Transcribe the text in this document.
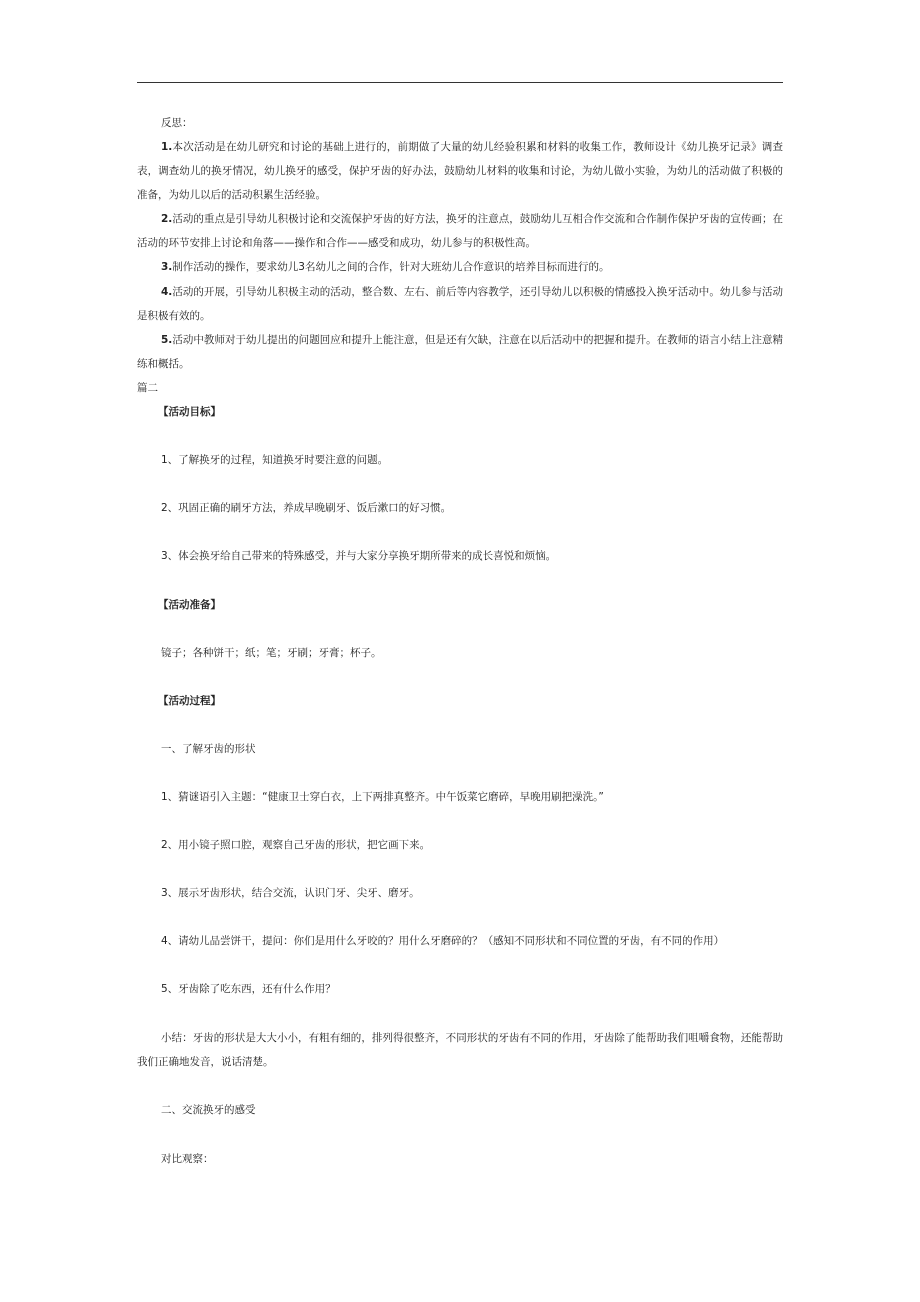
反思：

1.本次活动是在幼儿研究和讨论的基础上进行的，前期做了大量的幼儿经验积累和材料的收集工作，教师设计《幼儿换牙记录》调查表，调查幼儿的换牙情况，幼儿换牙的感受，保护牙齿的好办法，鼓励幼儿材料的收集和讨论，为幼儿做小实验，为幼儿的活动做了积极的准备，为幼儿以后的活动积累生活经验。

2.活动的重点是引导幼儿积极讨论和交流保护牙齿的好方法，换牙的注意点，鼓励幼儿互相合作交流和合作制作保护牙齿的宣传画；在活动的环节安排上讨论和角落——操作和合作——感受和成功，幼儿参与的积极性高。

3.制作活动的操作，要求幼儿3名幼儿之间的合作，针对大班幼儿合作意识的培养目标而进行的。

4.活动的开展，引导幼儿积极主动的活动，整合数、左右、前后等内容教学，还引导幼儿以积极的情感投入换牙活动中。幼儿参与活动是积极有效的。

5.活动中教师对于幼儿提出的问题回应和提升上能注意，但是还有欠缺，注意在以后活动中的把握和提升。在教师的语言小结上注意精练和概括。

篇二

【活动目标】

1、了解换牙的过程，知道换牙时要注意的问题。

2、巩固正确的刷牙方法，养成早晚刷牙、饭后漱口的好习惯。

3、体会换牙给自己带来的特殊感受，并与大家分享换牙期所带来的成长喜悦和烦恼。

【活动准备】

镜子；各种饼干；纸；笔；牙刷；牙膏；杯子。

【活动过程】

一、了解牙齿的形状

1、猜谜语引入主题：“健康卫士穿白衣，上下两排真整齐。中午饭菜它磨碎，早晚用刷把澡洗。”

2、用小镜子照口腔，观察自己牙齿的形状，把它画下来。

3、展示牙齿形状，结合交流，认识门牙、尖牙、磨牙。

4、请幼儿品尝饼干，提问：你们是用什么牙咬的？用什么牙磨碎的？（感知不同形状和不同位置的牙齿，有不同的作用）

5、牙齿除了吃东西，还有什么作用？

小结：牙齿的形状是大大小小，有粗有细的，排列得很整齐，不同形状的牙齿有不同的作用，牙齿除了能帮助我们咀嚼食物，还能帮助我们正确地发音，说话清楚。

二、交流换牙的感受

对比观察：
